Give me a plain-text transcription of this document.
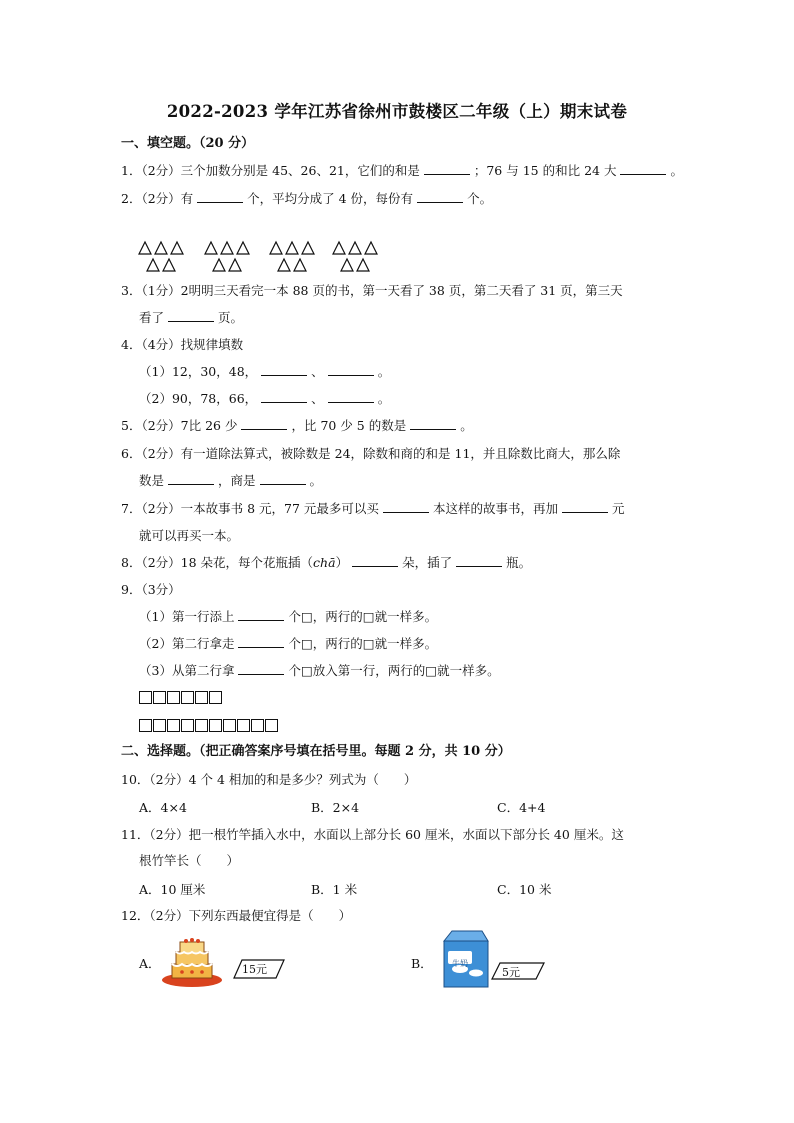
2022-2023 学年江苏省徐州市鼓楼区二年级（上）期末试卷
一、填空题。（20 分）
1．（2分）三个加数分别是 45、26、21，它们的和是	；76 与 15 的和比 24 大	。
2．（2分）有	个，平均分成了 4 份，每份有	个。
3．（1分）2明明三天看完一本 88 页的书，第一天看了 38 页，第二天看了 31 页，第三天
看了	页。
4．（4分）找规律填数
（1）12，30，48，	、	。
（2）90，78，66，	、	。
5．（2分）7比 26 少	，比 70 少 5 的数是	。
6．（2分）有一道除法算式，被除数是 24，除数和商的和是 11，并且除数比商大，那么除
数是	，商是	。
7．（2分）一本故事书 8 元，77 元最多可以买	本这样的故事书，再加	元
就可以再买一本。
8．（2分）18 朵花，每个花瓶插（chā）	朵，插了	瓶。
9．（3分）
（1）第一行添上	个□，两行的□就一样多。
（2）第二行拿走	个□，两行的□就一样多。
（3）从第二行拿	个□放入第一行，两行的□就一样多。
二、选择题。（把正确答案序号填在括号里。每题 2 分，共 10 分）
10．（2分）4 个 4 相加的和是多少？列式为（　　）
A．4×4	B．2×4	C．4+4
11．（2分）把一根竹竿插入水中，水面以上部分长 60 厘米，水面以下部分长 40 厘米。这
根竹竿长（　　）
A．10 厘米	B．1 米	C．10 米
12．（2分）下列东西最便宜得是（　　）
A．	15元	B． 牛奶
5元
